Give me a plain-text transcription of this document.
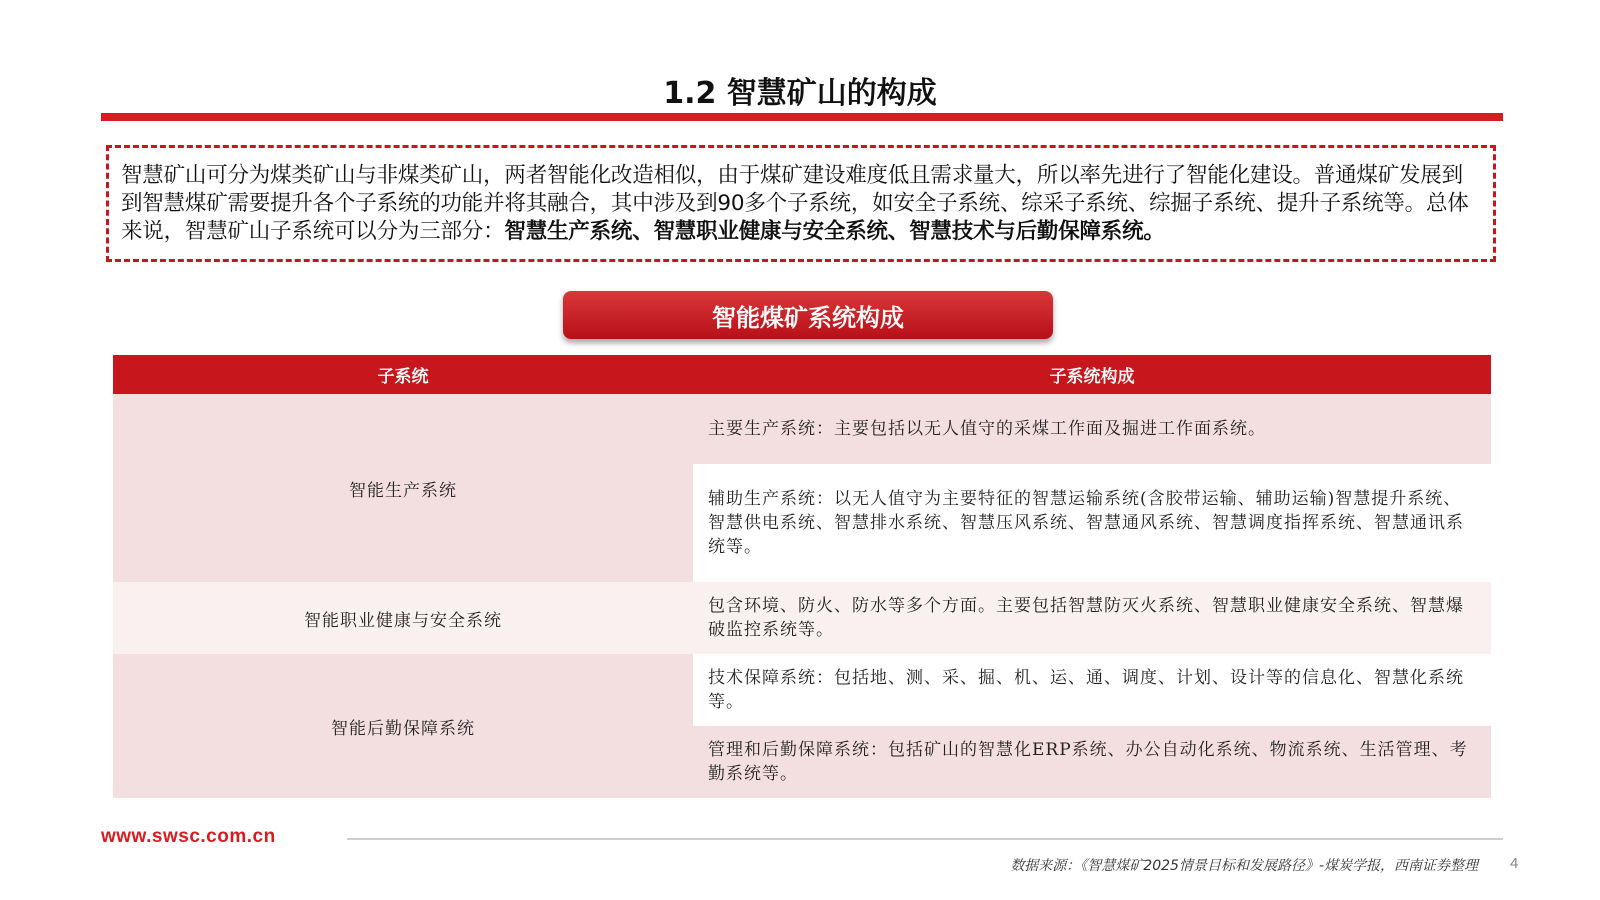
1.2 智慧矿山的构成
智慧矿山可分为煤类矿山与非煤类矿山，两者智能化改造相似，由于煤矿建设难度低且需求量大，所以率先进行了智能化建设。普通煤矿发展到到智慧煤矿需要提升各个子系统的功能并将其融合，其中涉及到90多个子系统，如安全子系统、综采子系统、综掘子系统、提升子系统等。总体来说，智慧矿山子系统可以分为三部分：智慧生产系统、智慧职业健康与安全系统、智慧技术与后勤保障系统。
智能煤矿系统构成
子系统	子系统构成
智能生产系统
主要生产系统：主要包括以无人值守的采煤工作面及掘进工作面系统。
辅助生产系统：以无人值守为主要特征的智慧运输系统(含胶带运输、辅助运输)智慧提升系统、智慧供电系统、智慧排水系统、智慧压风系统、智慧通风系统、智慧调度指挥系统、智慧通讯系统等。
智能职业健康与安全系统
包含环境、防火、防水等多个方面。主要包括智慧防灭火系统、智慧职业健康安全系统、智慧爆破监控系统等。
智能后勤保障系统
技术保障系统：包括地、测、采、掘、机、运、通、调度、计划、设计等的信息化、智慧化系统等。
管理和后勤保障系统：包括矿山的智慧化ERP系统、办公自动化系统、物流系统、生活管理、考勤系统等。
www.swsc.com.cn
数据来源：《智慧煤矿2025情景目标和发展路径》-煤炭学报，西南证券整理 4
